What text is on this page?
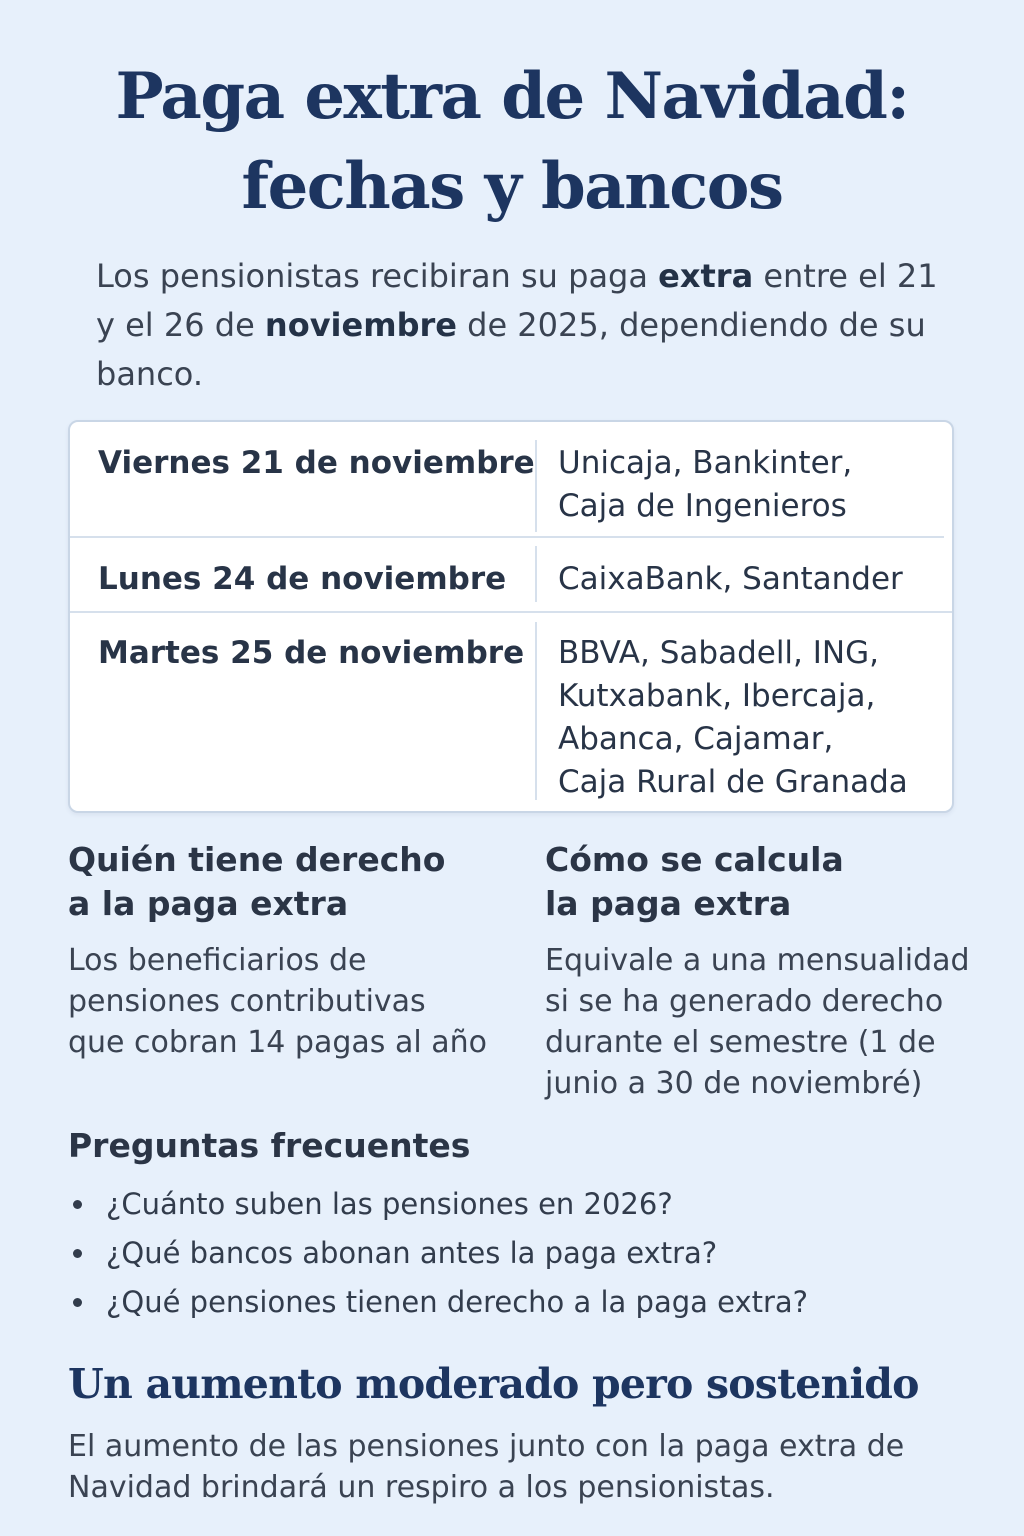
Paga extra de Navidad:
fechas y bancos

Los pensionistas recibiran su paga extra entre el 21 y el 26 de noviembre de 2025, dependiendo de su banco.

Viernes 21 de noviembre Unicaja, Bankinter,
Caja de Ingenieros
Lunes 24 de noviembre CaixaBank, Santander
Martes 25 de noviembre BBVA, Sabadell, ING,
Kutxabank, Ibercaja,
Abanca, Cajamar,
Caja Rural de Granada
Quién tiene derecho
a la paga extra

Los beneficiarios de
pensiones contributivas
que cobran 14 pagas al año

Cómo se calcula
la paga extra

Equivale a una mensualidad
si se ha generado derecho
durante el semestre (1 de
junio a 30 de noviembré)

Preguntas frecuentes
¿Cuánto suben las pensiones en 2026?
¿Qué bancos abonan antes la paga extra?
¿Qué pensiones tienen derecho a la paga extra?
Un aumento moderado pero sostenido

El aumento de las pensiones junto con la paga extra de
Navidad brindará un respiro a los pensionistas.
